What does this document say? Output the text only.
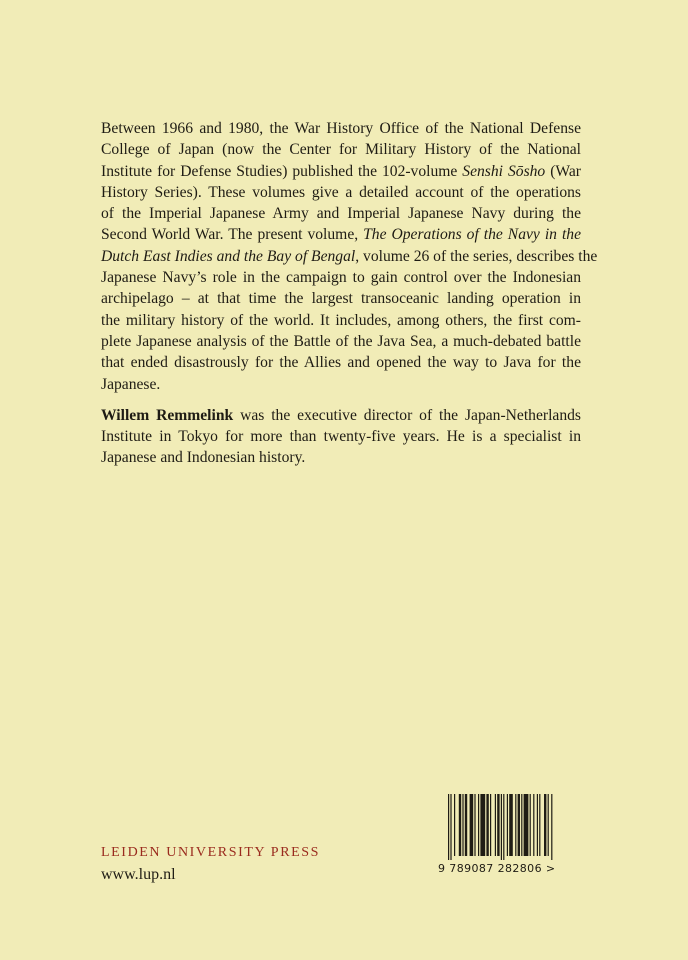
Between 1966 and 1980, the War History Office of the National Defense
College of Japan (now the Center for Military History of the National
Institute for Defense Studies) published the 102-volume Senshi Sōsho (War
History Series). These volumes give a detailed account of the operations
of the Imperial Japanese Army and Imperial Japanese Navy during the
Second World War. The present volume, The Operations of the Navy in the
Dutch East Indies and the Bay of Bengal, volume 26 of the series, describes the
Japanese Navy’s role in the campaign to gain control over the Indonesian
archipelago – at that time the largest transoceanic landing operation in
the military history of the world. It includes, among others, the first com-
plete Japanese analysis of the Battle of the Java Sea, a much-debated battle
that ended disastrously for the Allies and opened the way to Java for the
Japanese.

Willem Remmelink was the executive director of the Japan-Netherlands
Institute in Tokyo for more than twenty-five years. He is a specialist in
Japanese and Indonesian history.

LEIDEN UNIVERSITY PRESS
www.lup.nl	9 789087 282806 >
